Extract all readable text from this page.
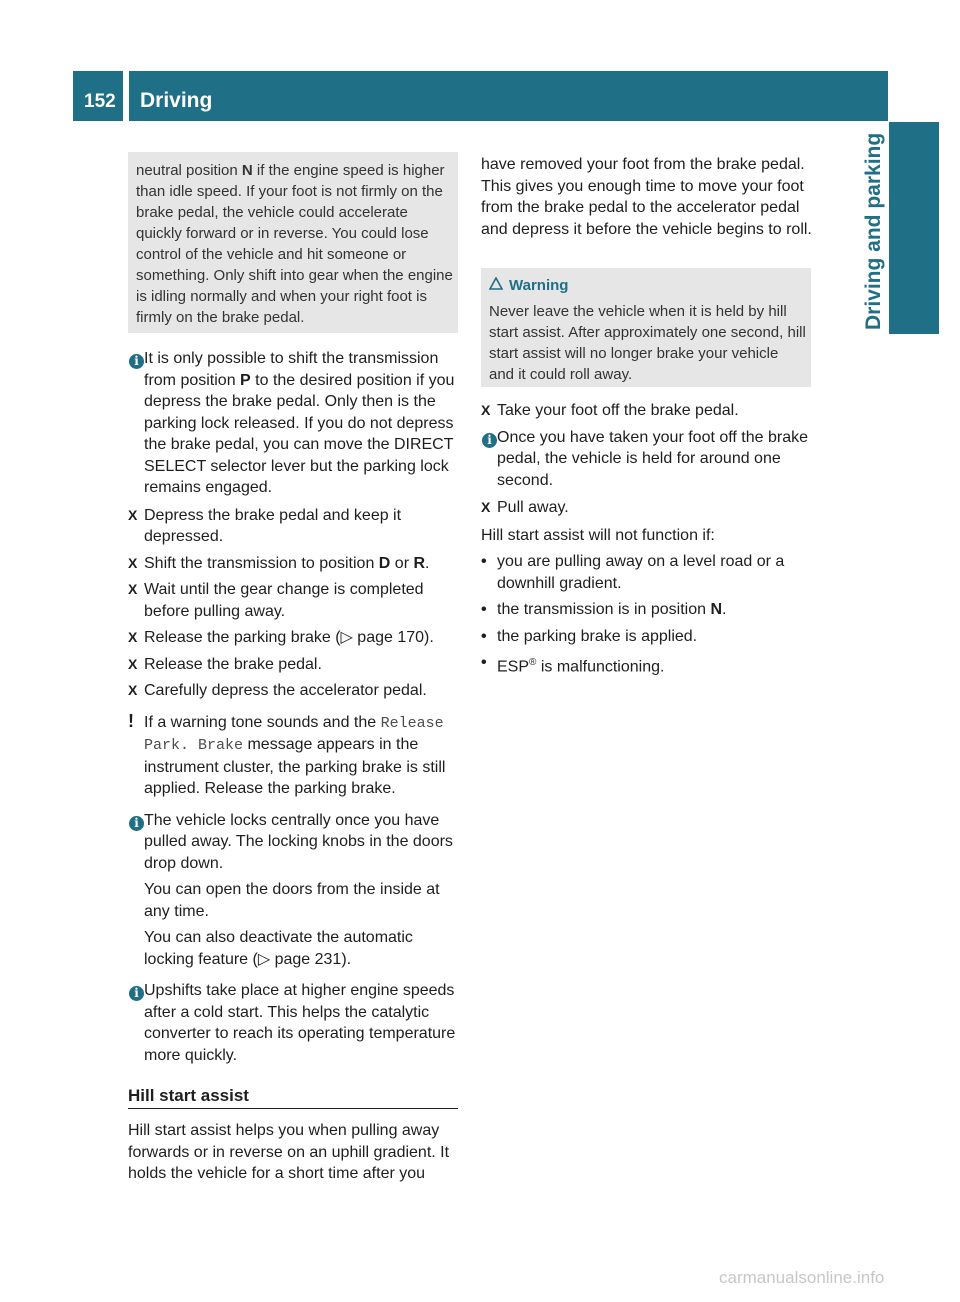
152 Driving
Driving and parking
neutral position N if the engine speed is higher than idle speed. If your foot is not firmly on the brake pedal, the vehicle could accelerate quickly forward or in reverse. You could lose control of the vehicle and hit someone or something. Only shift into gear when the engine is idling normally and when your right foot is firmly on the brake pedal.
i It is only possible to shift the transmission from position P to the desired position if you depress the brake pedal. Only then is the parking lock released. If you do not depress the brake pedal, you can move the DIRECT SELECT selector lever but the parking lock remains engaged.
X Depress the brake pedal and keep it depressed.
X Shift the transmission to position D or R.
X Wait until the gear change is completed before pulling away.
X Release the parking brake (▷ page 170).
X Release the brake pedal.
X Carefully depress the accelerator pedal.
! If a warning tone sounds and the Release Park. Brake message appears in the instrument cluster, the parking brake is still applied. Release the parking brake.
i The vehicle locks centrally once you have pulled away. The locking knobs in the doors drop down.
You can open the doors from the inside at any time.
You can also deactivate the automatic locking feature (▷ page 231).
i Upshifts take place at higher engine speeds after a cold start. This helps the catalytic converter to reach its operating temperature more quickly.
Hill start assist
Hill start assist helps you when pulling away forwards or in reverse on an uphill gradient. It holds the vehicle for a short time after you
have removed your foot from the brake pedal. This gives you enough time to move your foot from the brake pedal to the accelerator pedal and depress it before the vehicle begins to roll.
Warning
Never leave the vehicle when it is held by hill start assist. After approximately one second, hill start assist will no longer brake your vehicle and it could roll away.
X Take your foot off the brake pedal.
i Once you have taken your foot off the brake pedal, the vehicle is held for around one second.
X Pull away.
Hill start assist will not function if:
• you are pulling away on a level road or a downhill gradient.
• the transmission is in position N.
• the parking brake is applied.
• ESP® is malfunctioning.
carmanualsonline.info
